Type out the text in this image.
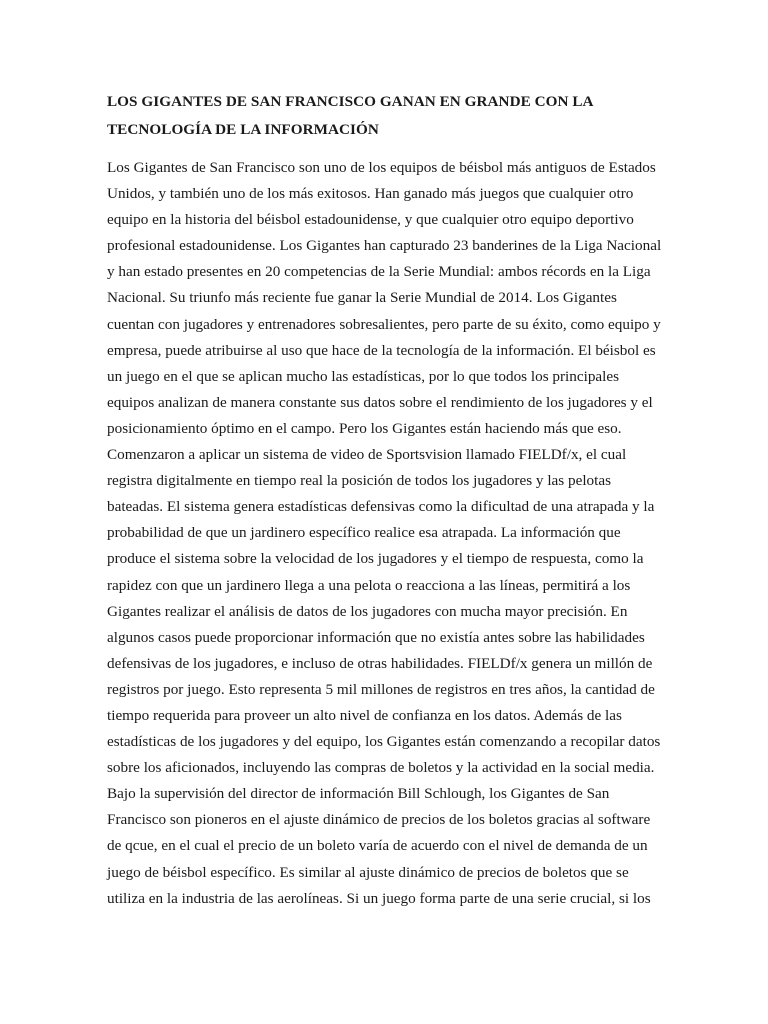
LOS GIGANTES DE SAN FRANCISCO GANAN EN GRANDE CON LA
TECNOLOGÍA DE LA INFORMACIÓN
Los Gigantes de San Francisco son uno de los equipos de béisbol más antiguos de Estados
Unidos, y también uno de los más exitosos. Han ganado más juegos que cualquier otro
equipo en la historia del béisbol estadounidense, y que cualquier otro equipo deportivo
profesional estadounidense. Los Gigantes han capturado 23 banderines de la Liga Nacional
y han estado presentes en 20 competencias de la Serie Mundial: ambos récords en la Liga
Nacional. Su triunfo más reciente fue ganar la Serie Mundial de 2014. Los Gigantes
cuentan con jugadores y entrenadores sobresalientes, pero parte de su éxito, como equipo y
empresa, puede atribuirse al uso que hace de la tecnología de la información. El béisbol es
un juego en el que se aplican mucho las estadísticas, por lo que todos los principales
equipos analizan de manera constante sus datos sobre el rendimiento de los jugadores y el
posicionamiento óptimo en el campo. Pero los Gigantes están haciendo más que eso.
Comenzaron a aplicar un sistema de video de Sportsvision llamado FIELDf/x, el cual
registra digitalmente en tiempo real la posición de todos los jugadores y las pelotas
bateadas. El sistema genera estadísticas defensivas como la dificultad de una atrapada y la
probabilidad de que un jardinero específico realice esa atrapada. La información que
produce el sistema sobre la velocidad de los jugadores y el tiempo de respuesta, como la
rapidez con que un jardinero llega a una pelota o reacciona a las líneas, permitirá a los
Gigantes realizar el análisis de datos de los jugadores con mucha mayor precisión. En
algunos casos puede proporcionar información que no existía antes sobre las habilidades
defensivas de los jugadores, e incluso de otras habilidades. FIELDf/x genera un millón de
registros por juego. Esto representa 5 mil millones de registros en tres años, la cantidad de
tiempo requerida para proveer un alto nivel de confianza en los datos. Además de las
estadísticas de los jugadores y del equipo, los Gigantes están comenzando a recopilar datos
sobre los aficionados, incluyendo las compras de boletos y la actividad en la social media.
Bajo la supervisión del director de información Bill Schlough, los Gigantes de San
Francisco son pioneros en el ajuste dinámico de precios de los boletos gracias al software
de qcue, en el cual el precio de un boleto varía de acuerdo con el nivel de demanda de un
juego de béisbol específico. Es similar al ajuste dinámico de precios de boletos que se
utiliza en la industria de las aerolíneas. Si un juego forma parte de una serie crucial, si los
